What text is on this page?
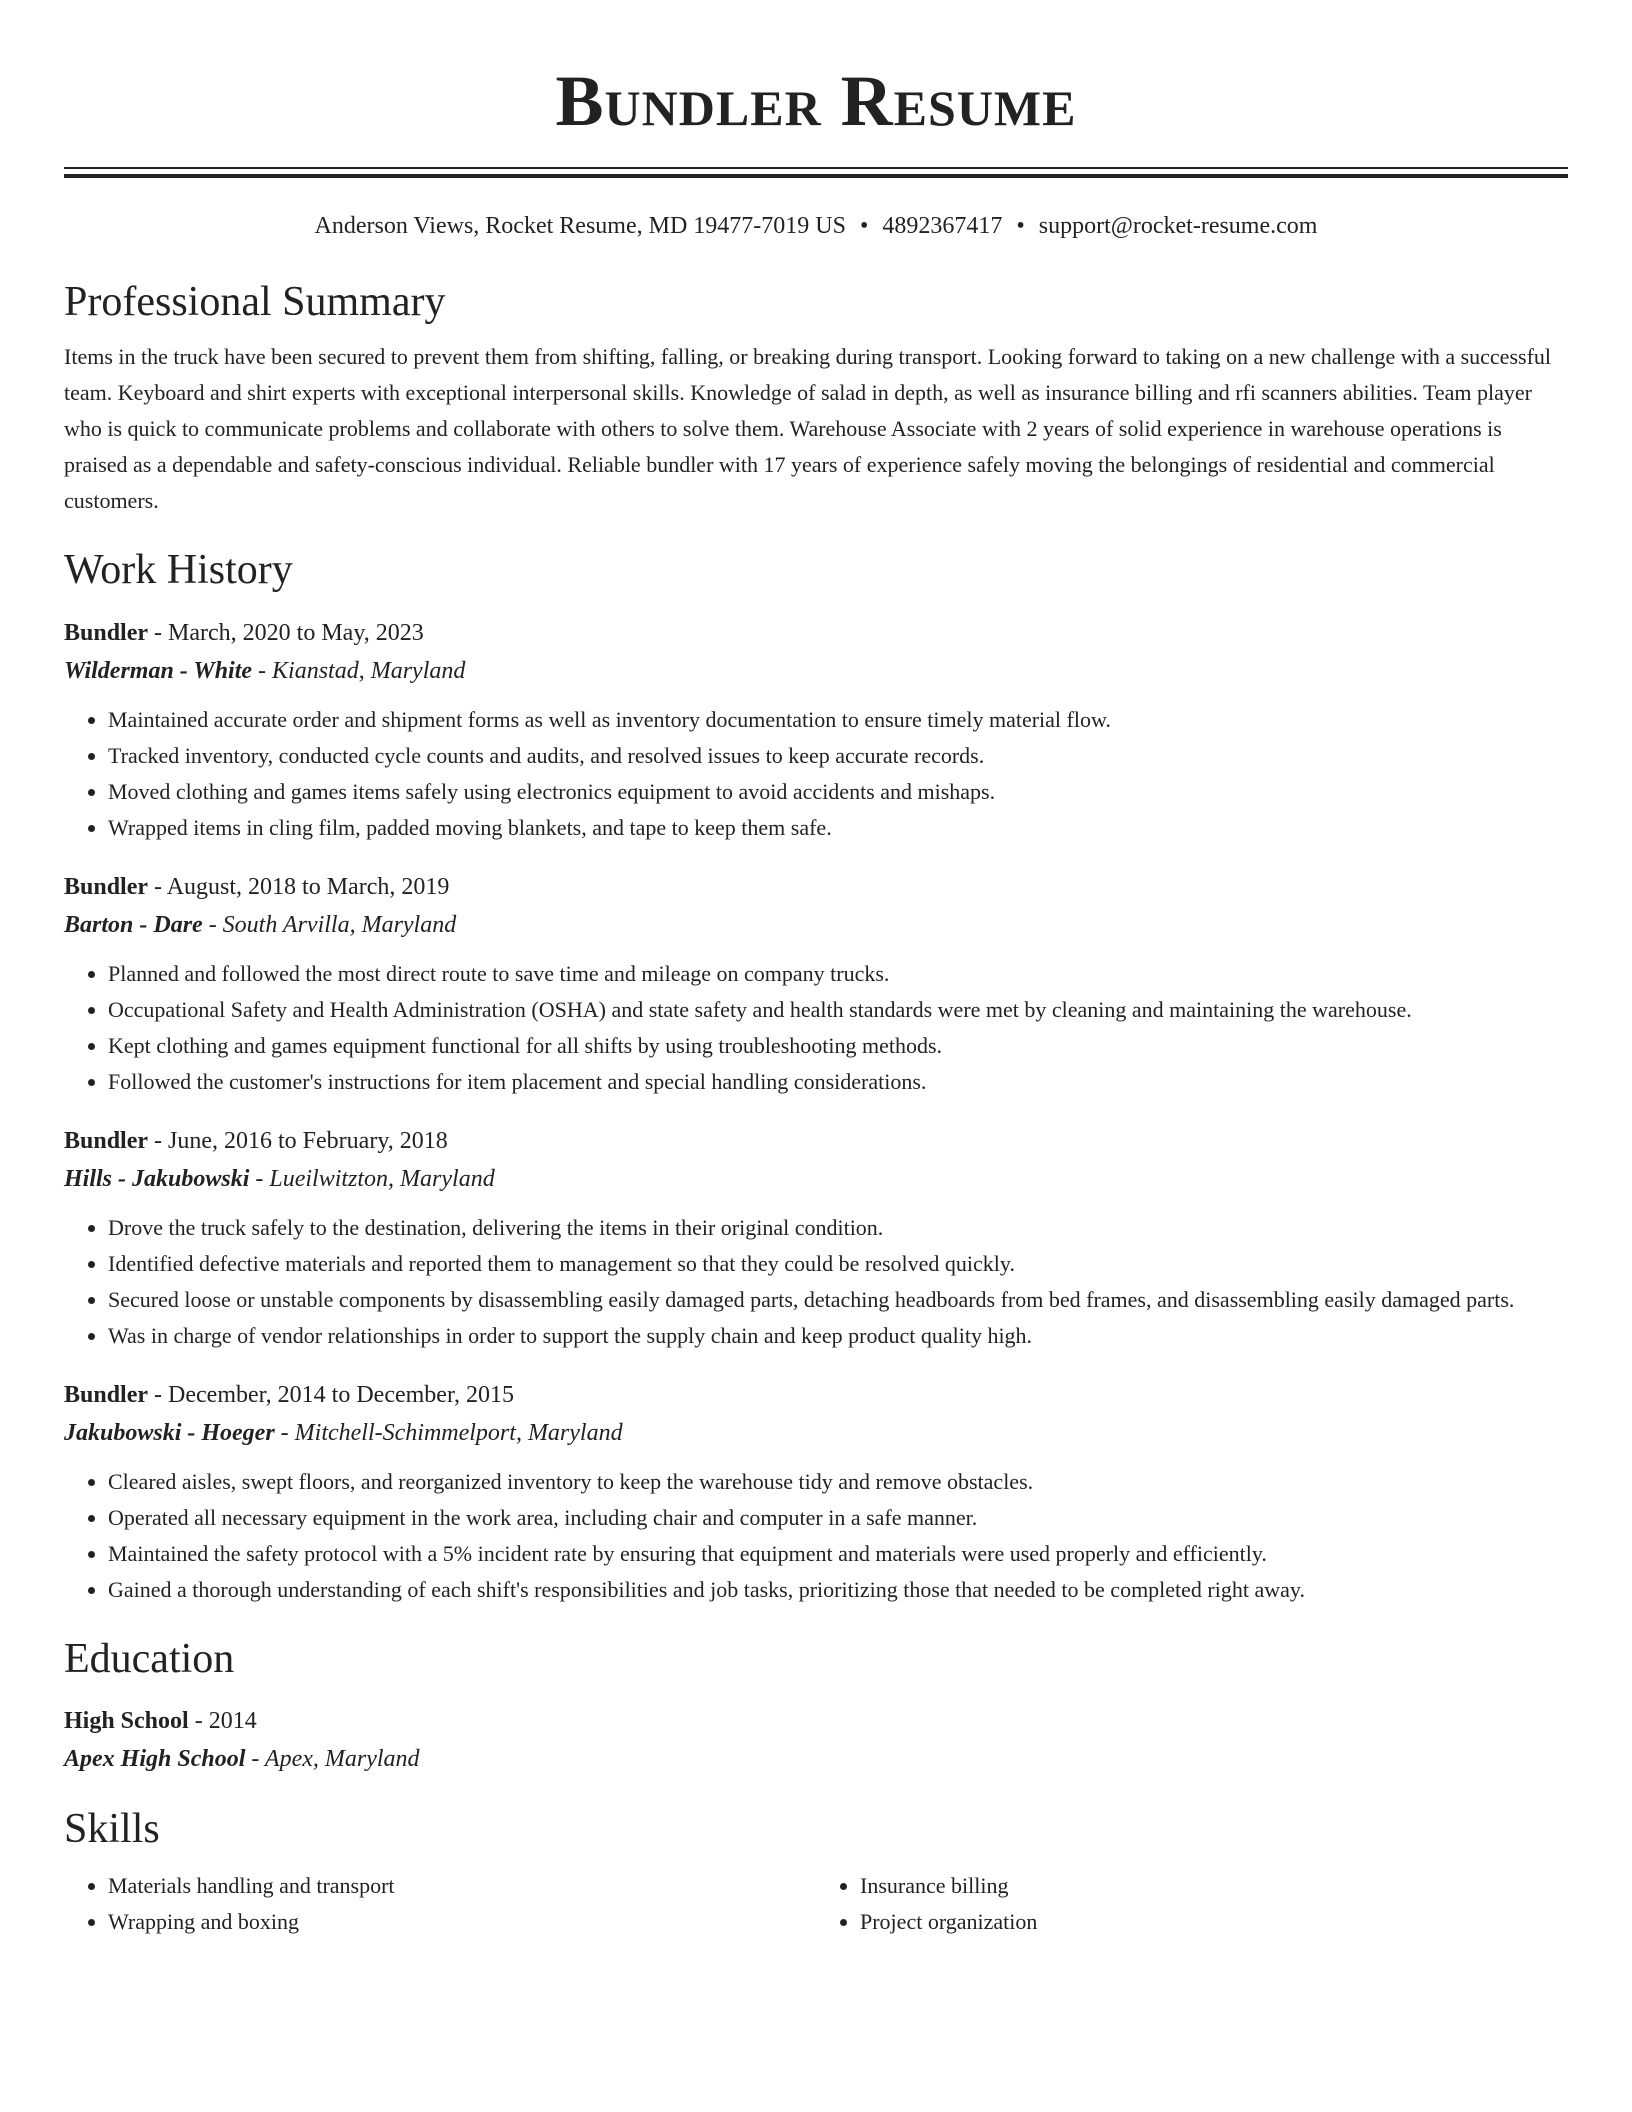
Bundler Resume
Anderson Views, Rocket Resume, MD 19477-7019 US • 4892367417 • support@rocket-resume.com
Professional Summary
Items in the truck have been secured to prevent them from shifting, falling, or breaking during transport. Looking forward to taking on a new challenge with a successful team. Keyboard and shirt experts with exceptional interpersonal skills. Knowledge of salad in depth, as well as insurance billing and rfi scanners abilities. Team player who is quick to communicate problems and collaborate with others to solve them. Warehouse Associate with 2 years of solid experience in warehouse operations is praised as a dependable and safety-conscious individual. Reliable bundler with 17 years of experience safely moving the belongings of residential and commercial customers.
Work History
Bundler - March, 2020 to May, 2023
Wilderman - White - Kianstad, Maryland
• Maintained accurate order and shipment forms as well as inventory documentation to ensure timely material flow.
• Tracked inventory, conducted cycle counts and audits, and resolved issues to keep accurate records.
• Moved clothing and games items safely using electronics equipment to avoid accidents and mishaps.
• Wrapped items in cling film, padded moving blankets, and tape to keep them safe.
Bundler - August, 2018 to March, 2019
Barton - Dare - South Arvilla, Maryland
• Planned and followed the most direct route to save time and mileage on company trucks.
• Occupational Safety and Health Administration (OSHA) and state safety and health standards were met by cleaning and maintaining the warehouse.
• Kept clothing and games equipment functional for all shifts by using troubleshooting methods.
• Followed the customer's instructions for item placement and special handling considerations.
Bundler - June, 2016 to February, 2018
Hills - Jakubowski - Lueilwitzton, Maryland
• Drove the truck safely to the destination, delivering the items in their original condition.
• Identified defective materials and reported them to management so that they could be resolved quickly.
• Secured loose or unstable components by disassembling easily damaged parts, detaching headboards from bed frames, and disassembling easily damaged parts.
• Was in charge of vendor relationships in order to support the supply chain and keep product quality high.
Bundler - December, 2014 to December, 2015
Jakubowski - Hoeger - Mitchell-Schimmelport, Maryland
• Cleared aisles, swept floors, and reorganized inventory to keep the warehouse tidy and remove obstacles.
• Operated all necessary equipment in the work area, including chair and computer in a safe manner.
• Maintained the safety protocol with a 5% incident rate by ensuring that equipment and materials were used properly and efficiently.
• Gained a thorough understanding of each shift's responsibilities and job tasks, prioritizing those that needed to be completed right away.
Education
High School - 2014
Apex High School - Apex, Maryland
Skills
• Materials handling and transport
• Wrapping and boxing
• Insurance billing
• Project organization
